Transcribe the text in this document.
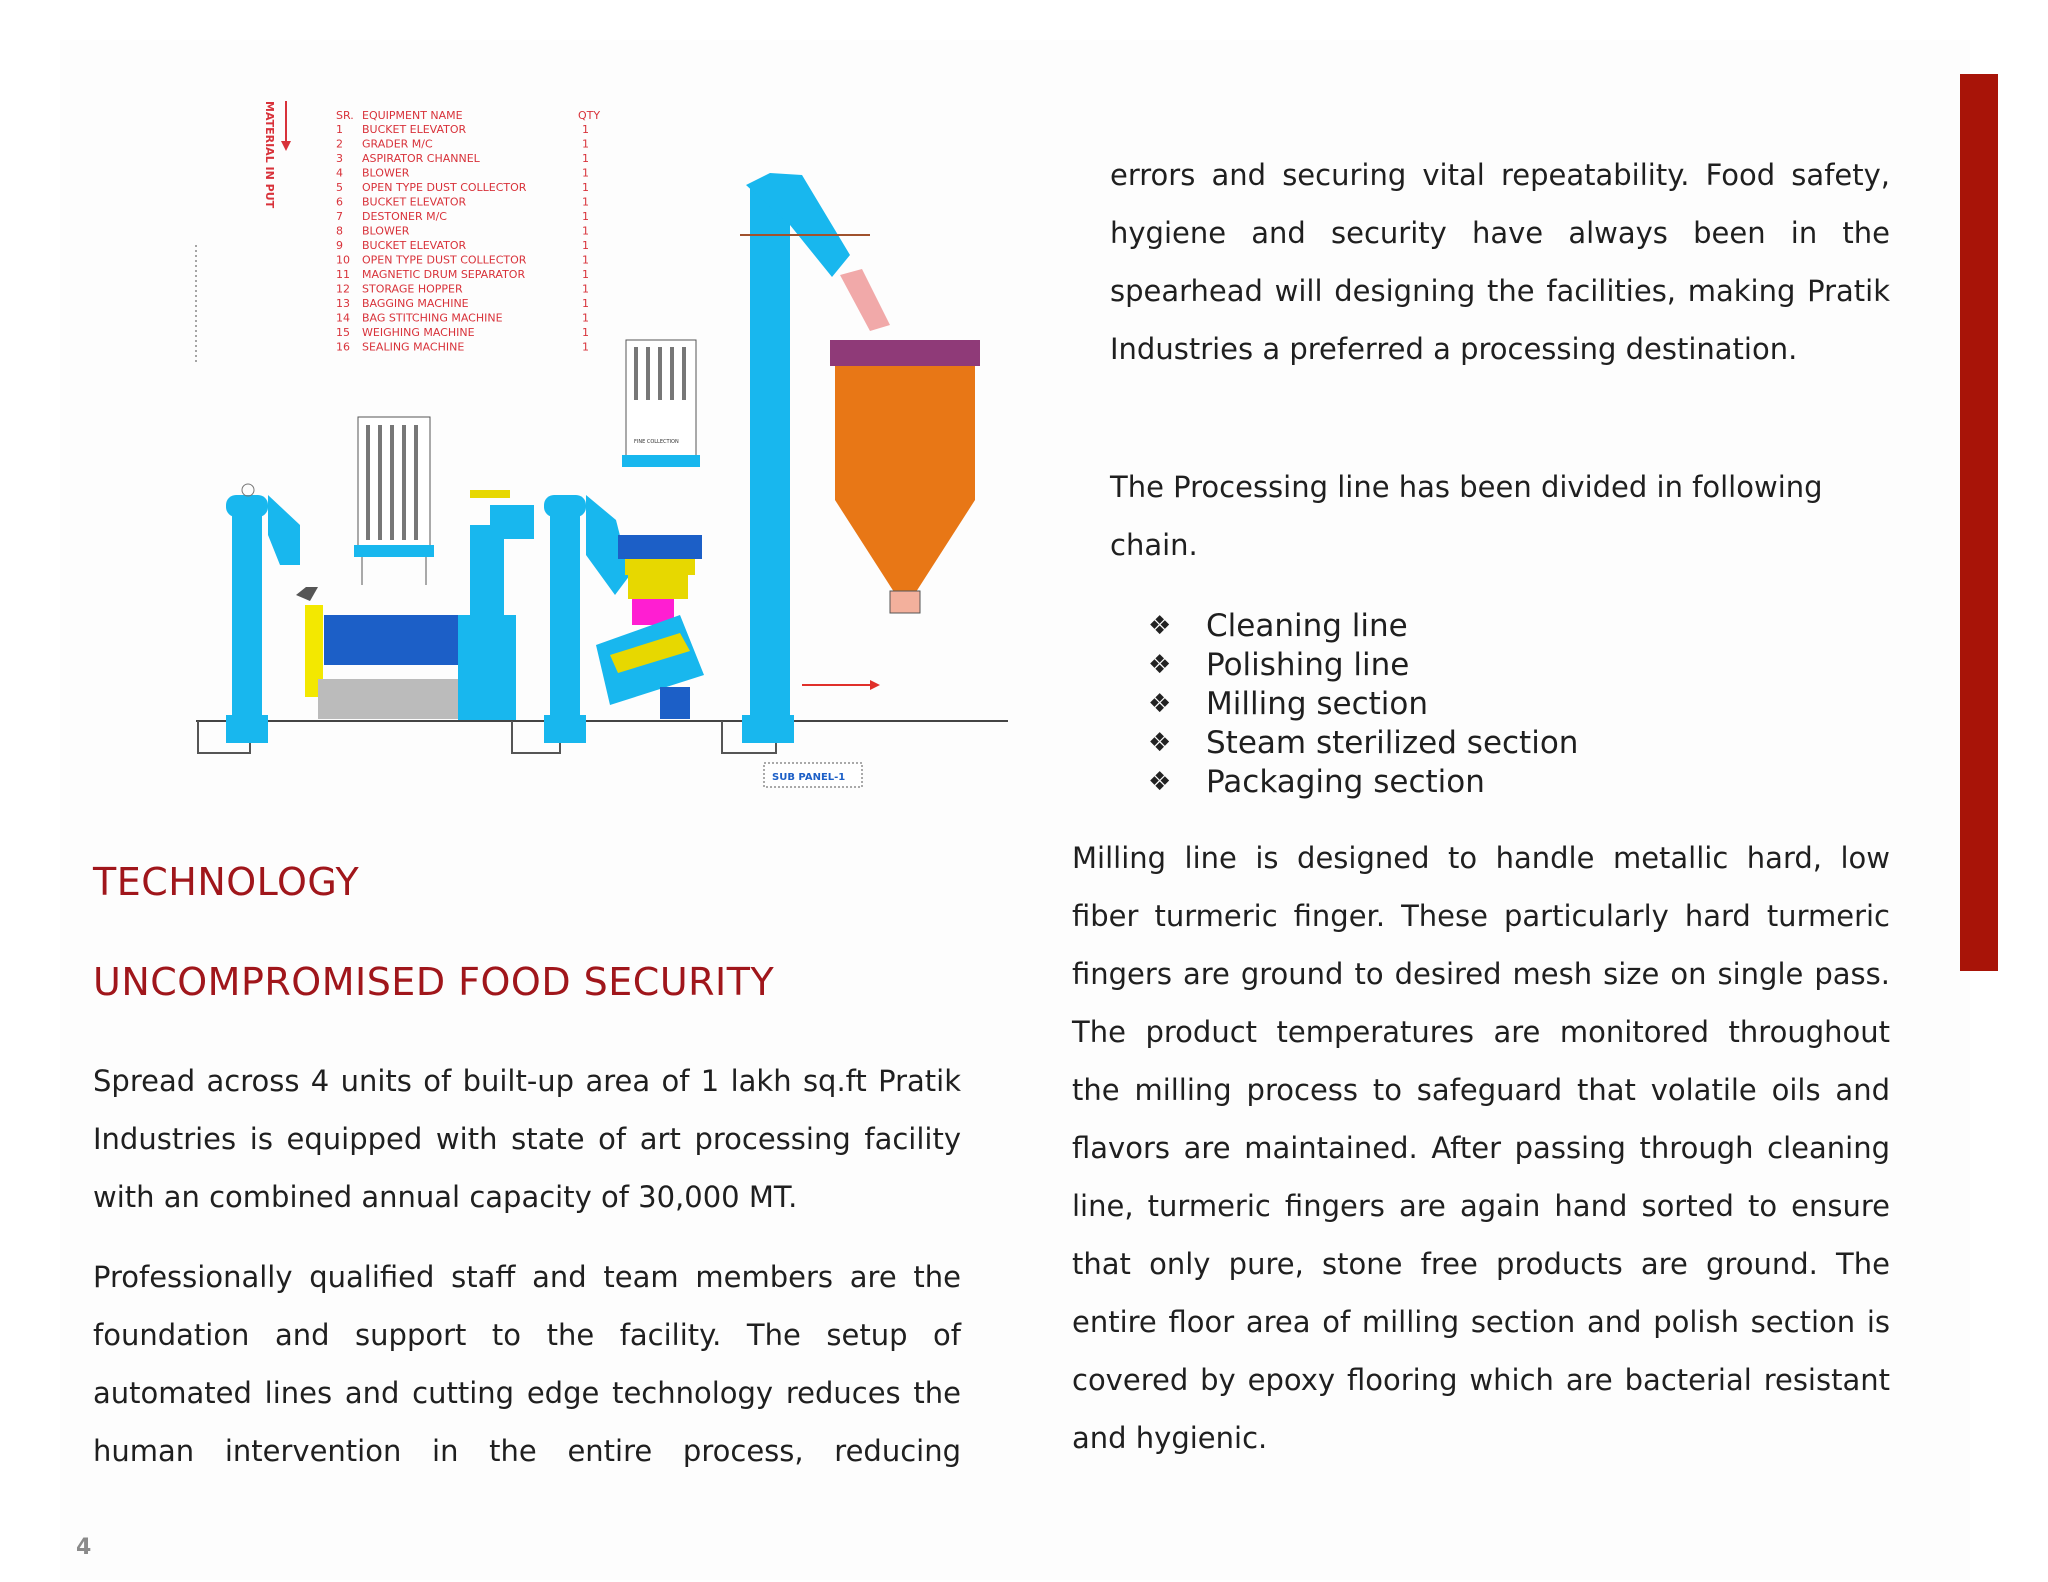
MATERIAL IN PUT	SR. EQUIPMENT NAME	QTY
1 BUCKET ELEVATOR	1
2 GRADER M/C	1
3 ASPIRATOR CHANNEL	1
4 BLOWER	1
5 OPEN TYPE DUST COLLECTOR	1
6 BUCKET ELEVATOR	1
7 DESTONER M/C	1
8 BLOWER	1
9 BUCKET ELEVATOR	1
10 OPEN TYPE DUST COLLECTOR	1
11 MAGNETIC DRUM SEPARATOR	1
12 STORAGE HOPPER	1
13 BAGGING MACHINE	1
14 BAG STITCHING MACHINE	1
15 WEIGHING MACHINE	1
16 SEALING MACHINE	1
FINE COLLECTION
SUB PANEL-1
TECHNOLOGY
UNCOMPROMISED FOOD SECURITY

Spread across 4 units of built-up area of 1 lakh sq.ft Pratik Industries is equipped with state of art processing facility with an combined annual capacity of 30,000 MT.

Professionally qualified staff and team members are the foundation and support to the facility. The setup of automated lines and cutting edge technology reduces the human intervention in the entire process, reducing

errors and securing vital repeatability. Food safety, hygiene and security have always been in the spearhead will designing the facilities, making Pratik Industries a preferred a processing destination.

The Processing line has been divided in following chain.

❖	Cleaning line
❖	Polishing line
❖	Milling section
❖	Steam sterilized section
❖	Packaging section

Milling line is designed to handle metallic hard, low fiber turmeric finger. These particularly hard turmeric fingers are ground to desired mesh size on single pass. The product temperatures are monitored throughout the milling process to safeguard that volatile oils and flavors are maintained. After passing through cleaning line, turmeric fingers are again hand sorted to ensure that only pure, stone free products are ground. The entire floor area of milling section and polish section is covered by epoxy flooring which are bacterial resistant and hygienic.

4
